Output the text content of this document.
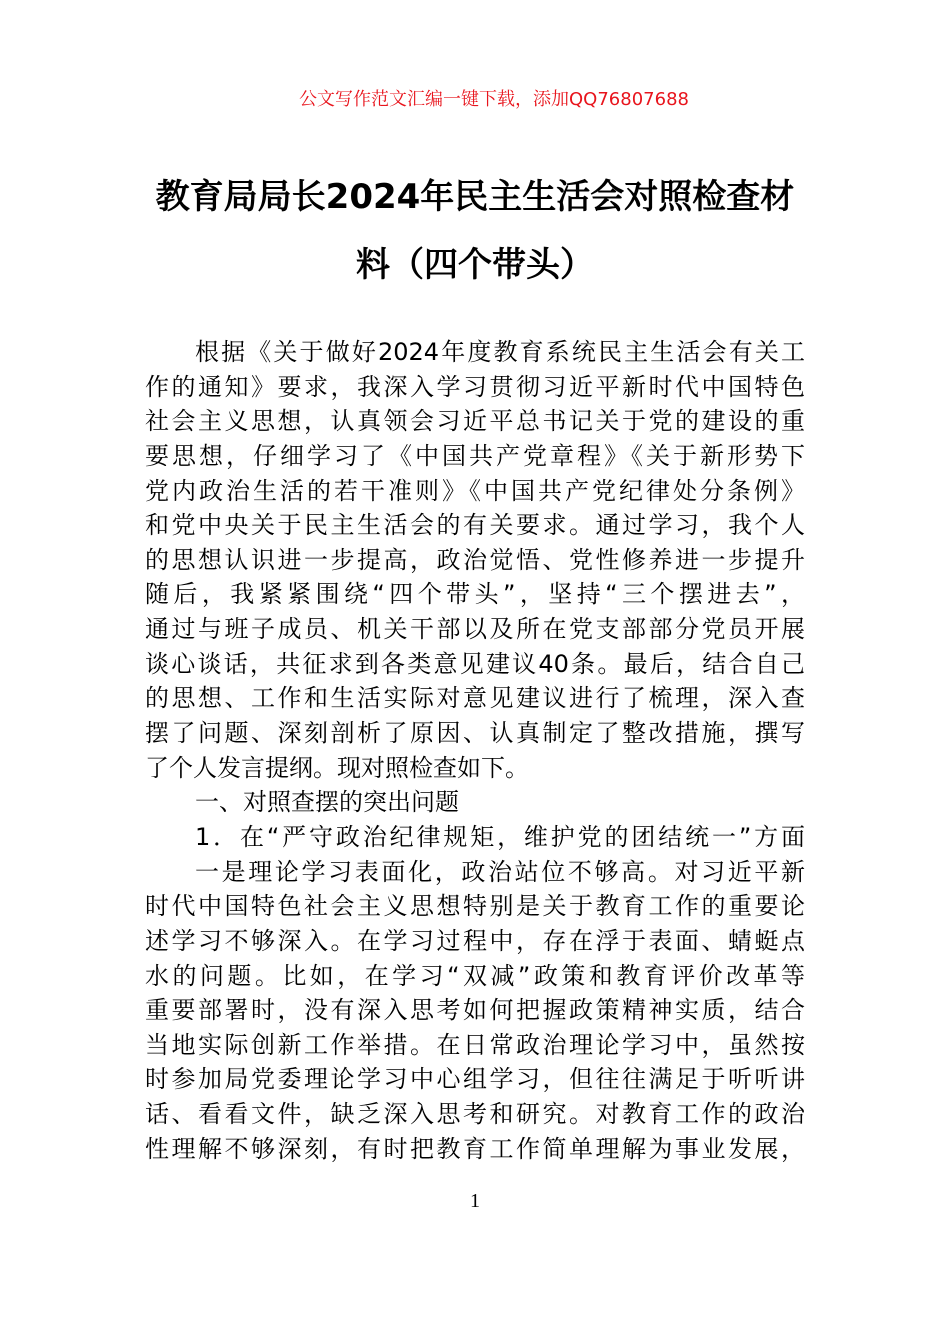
公文写作范文汇编一键下载，添加QQ76807688
教育局局长2024年民主生活会对照检查材
料（四个带头）
根据《关于做好2024年度教育系统民主生活会有关工
作的通知》要求，我深入学习贯彻习近平新时代中国特色
社会主义思想，认真领会习近平总书记关于党的建设的重
要思想，仔细学习了《中国共产党章程》《关于新形势下
党内政治生活的若干准则》《中国共产党纪律处分条例》
和党中央关于民主生活会的有关要求。通过学习，我个人
的思想认识进一步提高，政治觉悟、党性修养进一步提升
随后，我紧紧围绕“四个带头”，坚持“三个摆进去”，
通过与班子成员、机关干部以及所在党支部部分党员开展
谈心谈话，共征求到各类意见建议40条。最后，结合自己
的思想、工作和生活实际对意见建议进行了梳理，深入查
摆了问题、深刻剖析了原因、认真制定了整改措施，撰写
了个人发言提纲。现对照检查如下。
一、对照查摆的突出问题
1．在“严守政治纪律规矩，维护党的团结统一”方面
一是理论学习表面化，政治站位不够高。对习近平新
时代中国特色社会主义思想特别是关于教育工作的重要论
述学习不够深入。在学习过程中，存在浮于表面、蜻蜓点
水的问题。比如，在学习“双减”政策和教育评价改革等
重要部署时，没有深入思考如何把握政策精神实质，结合
当地实际创新工作举措。在日常政治理论学习中，虽然按
时参加局党委理论学习中心组学习，但往往满足于听听讲
话、看看文件，缺乏深入思考和研究。对教育工作的政治
性理解不够深刻，有时把教育工作简单理解为事业发展，
1
